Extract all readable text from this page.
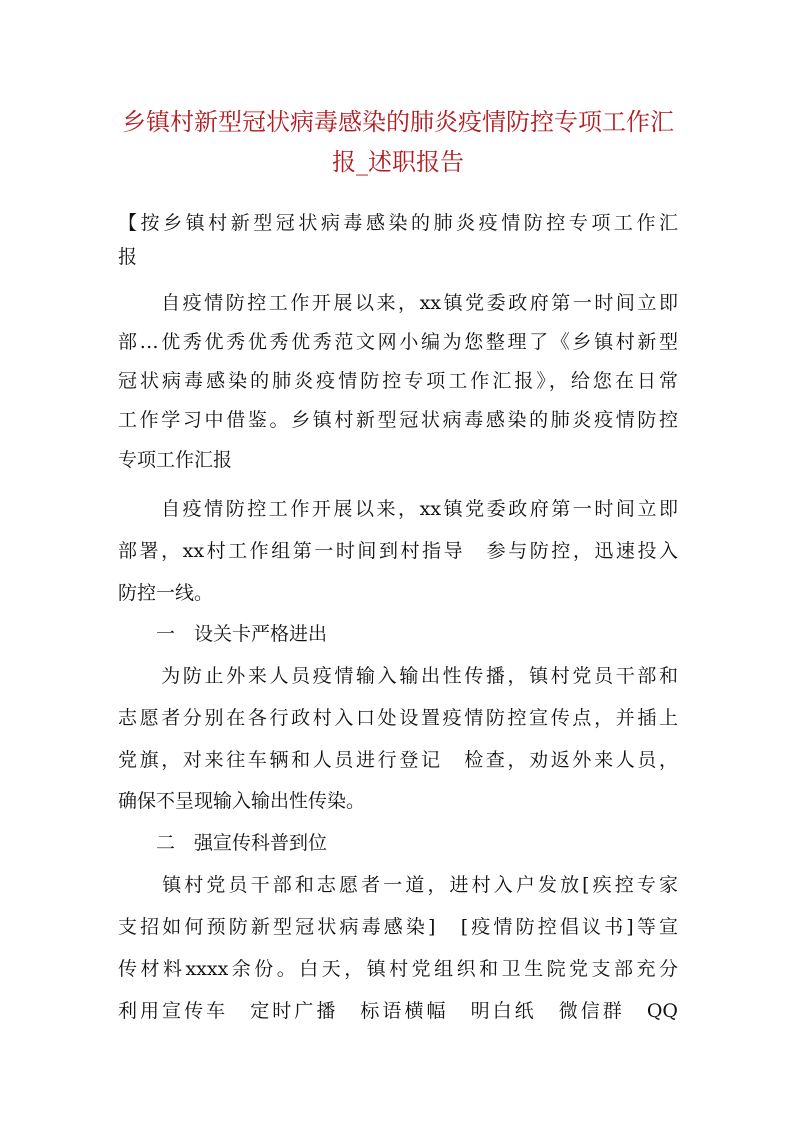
乡镇村新型冠状病毒感染的肺炎疫情防控专项工作汇
报_述职报告

【按乡镇村新型冠状病毒感染的肺炎疫情防控专项工作汇

报

　　自疫情防控工作开展以来，xx镇党委政府第一时间立即

部…优秀优秀优秀优秀范文网小编为您整理了《乡镇村新型

冠状病毒感染的肺炎疫情防控专项工作汇报》，给您在日常

工作学习中借鉴。乡镇村新型冠状病毒感染的肺炎疫情防控

专项工作汇报

　　自疫情防控工作开展以来，xx镇党委政府第一时间立即

部署，xx村工作组第一时间到村指导　参与防控，迅速投入

防控一线。

　　一　设关卡严格进出

　　为防止外来人员疫情输入输出性传播，镇村党员干部和

志愿者分别在各行政村入口处设置疫情防控宣传点，并插上

党旗，对来往车辆和人员进行登记　检查，劝返外来人员，

确保不呈现输入输出性传染。

　　二　强宣传科普到位

　　镇村党员干部和志愿者一道，进村入户发放[疾控专家

支招如何预防新型冠状病毒感染]　[疫情防控倡议书]等宣

传材料xxxx余份。白天，镇村党组织和卫生院党支部充分

利用宣传车　定时广播　标语横幅　明白纸　微信群　QQ
